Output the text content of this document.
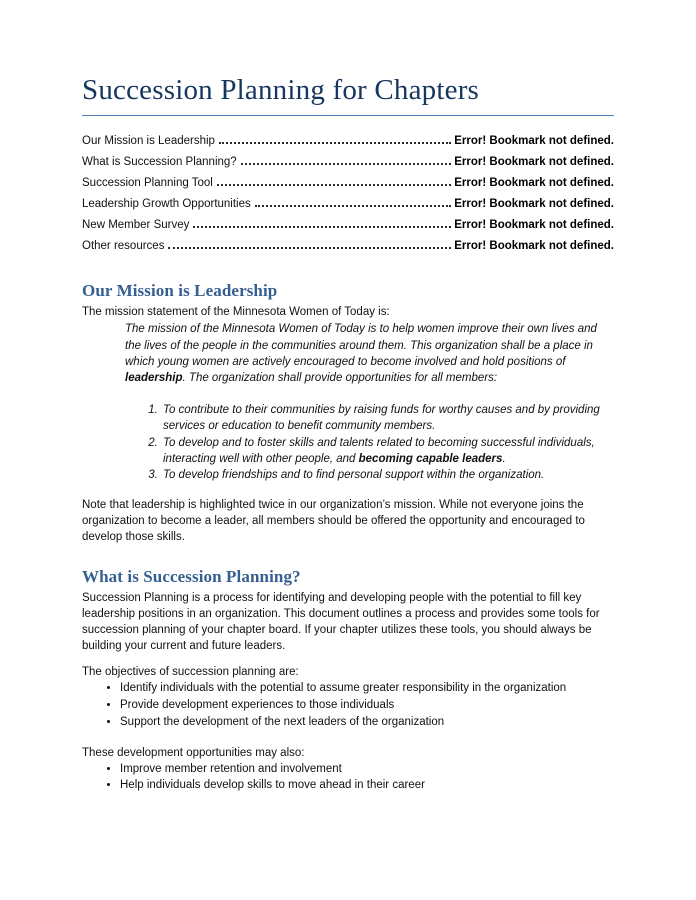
Succession Planning for Chapters
Our Mission is Leadership	Error! Bookmark not defined.
What is Succession Planning?	Error! Bookmark not defined.
Succession Planning Tool	Error! Bookmark not defined.
Leadership Growth Opportunities	Error! Bookmark not defined.
New Member Survey	Error! Bookmark not defined.
Other resources	Error! Bookmark not defined.
Our Mission is Leadership

The mission statement of the Minnesota Women of Today is:

The mission of the Minnesota Women of Today is to help women improve their own lives and the lives of the people in the communities around them. This organization shall be a place in which young women are actively encouraged to become involved and hold positions of leadership. The organization shall provide opportunities for all members:

1. To contribute to their communities by raising funds for worthy causes and by providing services or education to benefit community members.
2. To develop and to foster skills and talents related to becoming successful individuals, interacting well with other people, and becoming capable leaders.
3. To develop friendships and to find personal support within the organization.

Note that leadership is highlighted twice in our organization’s mission. While not everyone joins the organization to become a leader, all members should be offered the opportunity and encouraged to develop those skills.

What is Succession Planning?

Succession Planning is a process for identifying and developing people with the potential to fill key leadership positions in an organization. This document outlines a process and provides some tools for succession planning of your chapter board. If your chapter utilizes these tools, you should always be building your current and future leaders.

The objectives of succession planning are:

• Identify individuals with the potential to assume greater responsibility in the organization
• Provide development experiences to those individuals
• Support the development of the next leaders of the organization

These development opportunities may also:

• Improve member retention and involvement
• Help individuals develop skills to move ahead in their career
